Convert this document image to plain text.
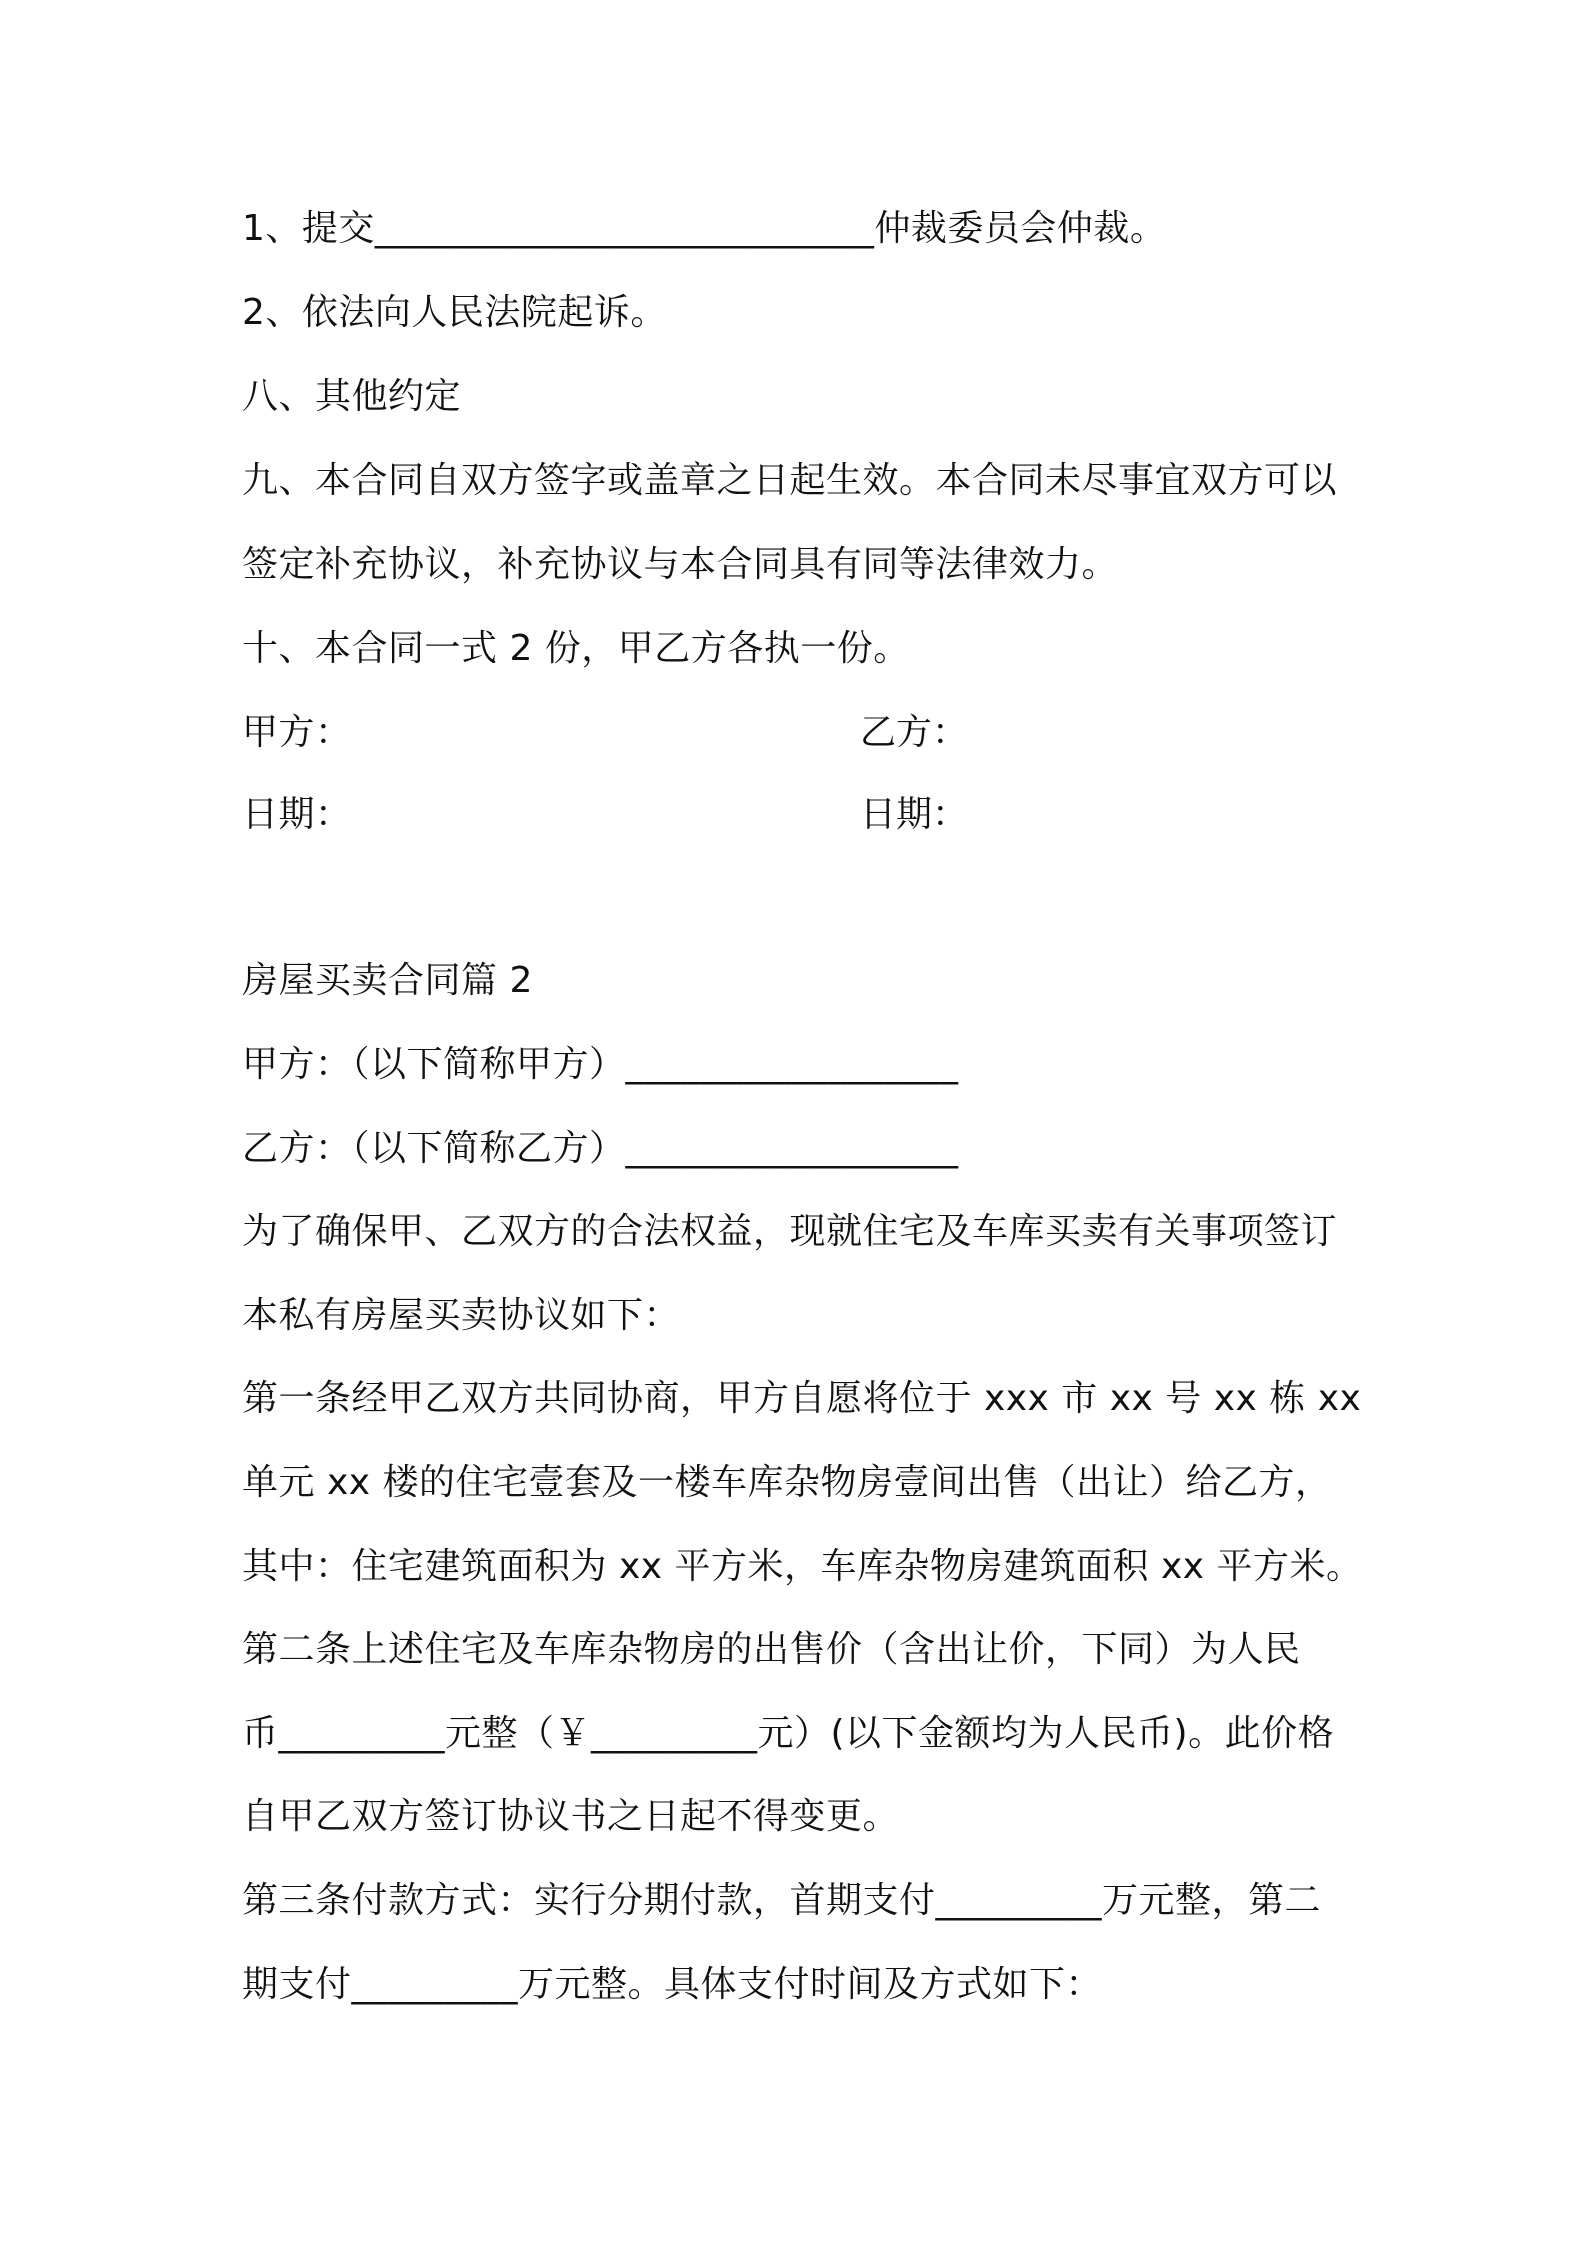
1、提交___________________________仲裁委员会仲裁。
2、依法向人民法院起诉。
八、其他约定
九、本合同自双方签字或盖章之日起生效。本合同未尽事宜双方可以
签定补充协议，补充协议与本合同具有同等法律效力。
十、本合同一式 2 份，甲乙方各执一份。
甲方：	乙方：
日期：	日期：
房屋买卖合同篇 2
甲方：（以下简称甲方）__________________
乙方：（以下简称乙方）__________________
为了确保甲、乙双方的合法权益，现就住宅及车库买卖有关事项签订
本私有房屋买卖协议如下：
第一条经甲乙双方共同协商，甲方自愿将位于 xxx 市 xx 号 xx 栋 xx
单元 xx 楼的住宅壹套及一楼车库杂物房壹间出售（出让）给乙方，
其中：住宅建筑面积为 xx 平方米，车库杂物房建筑面积 xx 平方米。
第二条上述住宅及车库杂物房的出售价（含出让价，下同）为人民
币_________元整（￥_________元）(以下金额均为人民币)。此价格
自甲乙双方签订协议书之日起不得变更。
第三条付款方式：实行分期付款，首期支付_________万元整，第二
期支付_________万元整。具体支付时间及方式如下：
